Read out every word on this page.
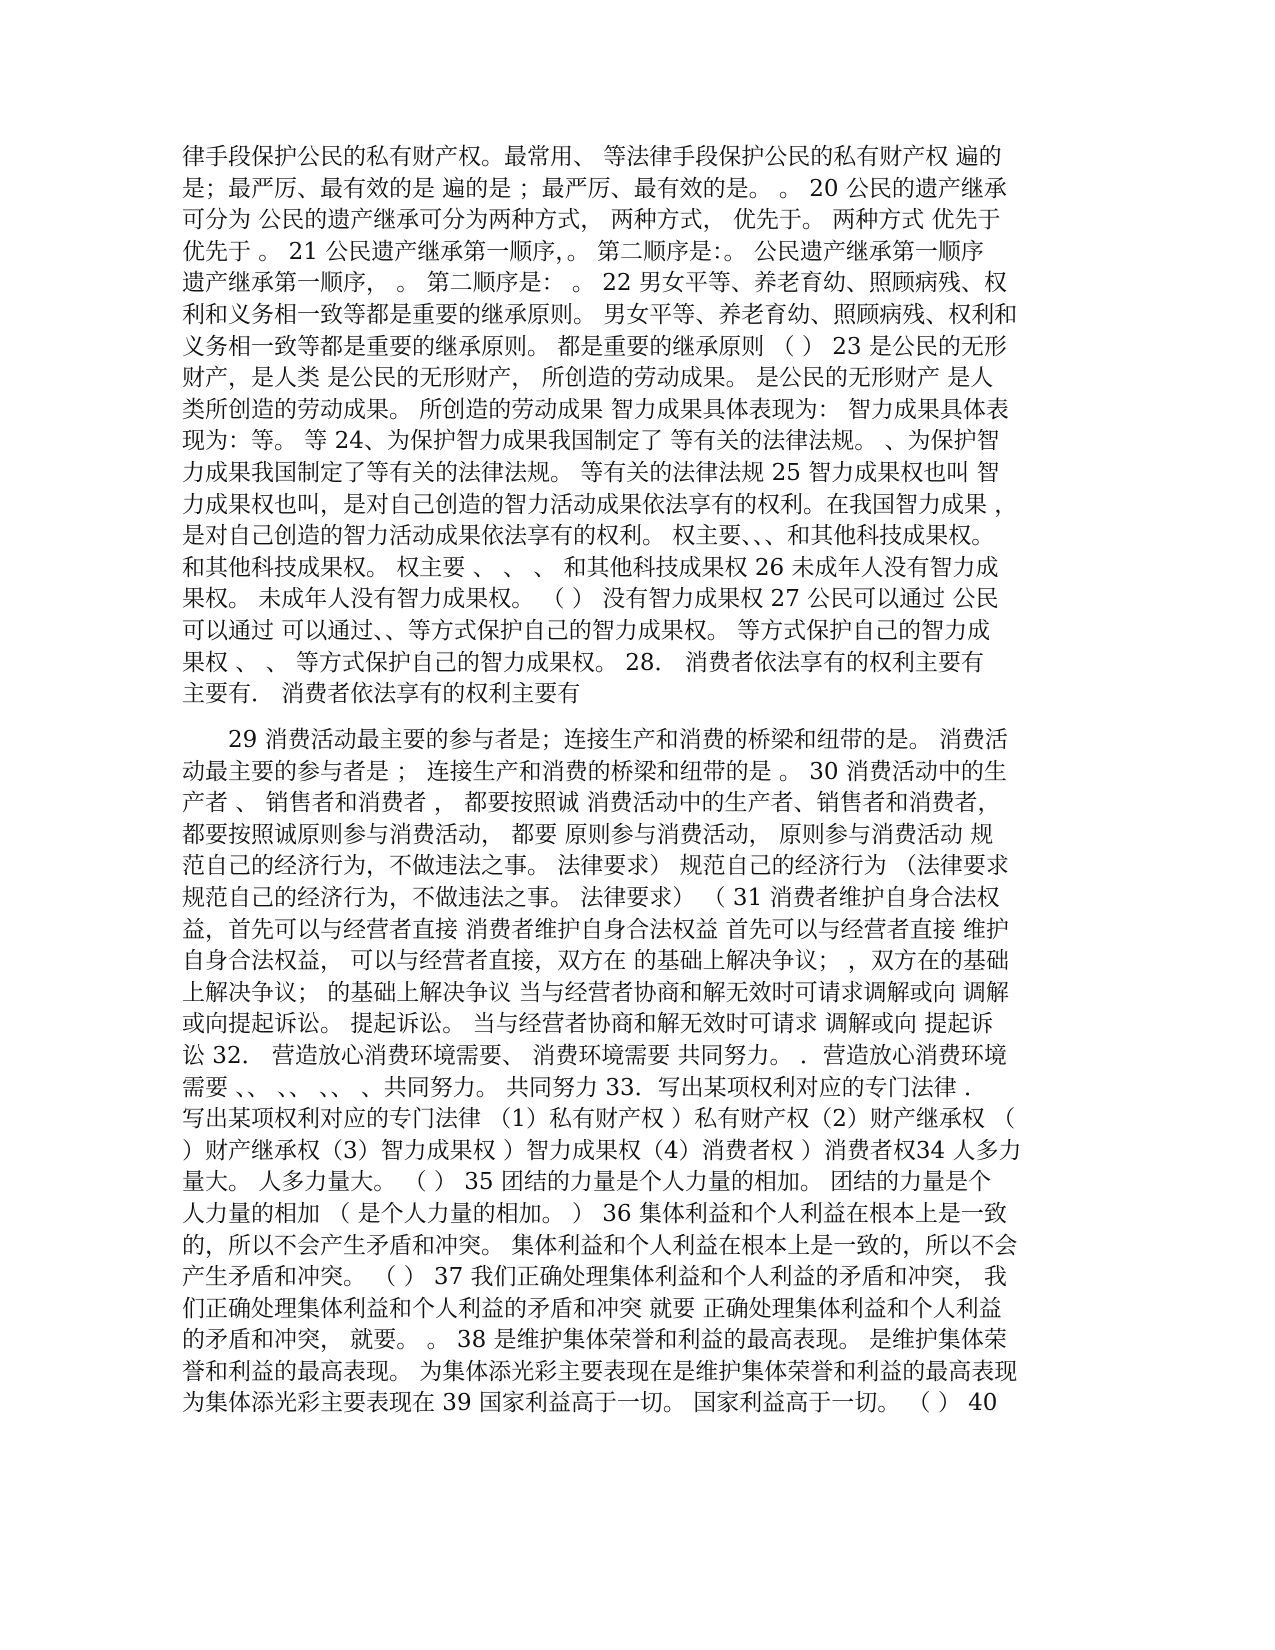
律手段保护公民的私有财产权。最常用、 等法律手段保护公民的私有财产权 遍的
是；最严厉、最有效的是 遍的是 ；最严厉、最有效的是。 。 20 公民的遗产继承
可分为 公民的遗产继承可分为两种方式， 两种方式， 优先于。 两种方式 优先于
优先于 。 21 公民遗产继承第一顺序，。 第二顺序是：。 公民遗产继承第一顺序
遗产继承第一顺序， 。 第二顺序是： 。 22 男女平等、养老育幼、照顾病残、权
利和义务相一致等都是重要的继承原则。 男女平等、养老育幼、照顾病残、权利和
义务相一致等都是重要的继承原则。 都是重要的继承原则 （ ） 23 是公民的无形
财产，是人类 是公民的无形财产， 所创造的劳动成果。 是公民的无形财产 是人
类所创造的劳动成果。 所创造的劳动成果 智力成果具体表现为： 智力成果具体表
现为：等。 等 24、为保护智力成果我国制定了 等有关的法律法规。 、为保护智
力成果我国制定了等有关的法律法规。 等有关的法律法规 25 智力成果权也叫 智
力成果权也叫，是对自己创造的智力活动成果依法享有的权利。在我国智力成果 ，
是对自己创造的智力活动成果依法享有的权利。 权主要、、、和其他科技成果权。
和其他科技成果权。 权主要 、 、 、 和其他科技成果权 26 未成年人没有智力成
果权。 未成年人没有智力成果权。 （ ） 没有智力成果权 27 公民可以通过 公民
可以通过 可以通过、、等方式保护自己的智力成果权。 等方式保护自己的智力成
果权 、 、 等方式保护自己的智力成果权。 28． 消费者依法享有的权利主要有
主要有． 消费者依法享有的权利主要有
29 消费活动最主要的参与者是；连接生产和消费的桥梁和纽带的是。 消费活
动最主要的参与者是 ； 连接生产和消费的桥梁和纽带的是 。 30 消费活动中的生
产者 、 销售者和消费者 ， 都要按照诚 消费活动中的生产者、销售者和消费者，
都要按照诚原则参与消费活动， 都要 原则参与消费活动， 原则参与消费活动 规
范自己的经济行为，不做违法之事。 法律要求） 规范自己的经济行为 （法律要求
规范自己的经济行为，不做违法之事。 法律要求） （ 31 消费者维护自身合法权
益，首先可以与经营者直接 消费者维护自身合法权益 首先可以与经营者直接 维护
自身合法权益， 可以与经营者直接，双方在 的基础上解决争议； ，双方在的基础
上解决争议； 的基础上解决争议 当与经营者协商和解无效时可请求调解或向 调解
或向提起诉讼。 提起诉讼。 当与经营者协商和解无效时可请求 调解或向 提起诉
讼 32． 营造放心消费环境需要、 消费环境需要 共同努力。 ．营造放心消费环境
需要 、、 、、 、、 、共同努力。 共同努力 33．写出某项权利对应的专门法律 ．
写出某项权利对应的专门法律 （1）私有财产权 ）私有财产权（2）财产继承权 （
）财产继承权（3）智力成果权 ）智力成果权（4）消费者权 ）消费者权34 人多力
量大。 人多力量大。 （ ） 35 团结的力量是个人力量的相加。 团结的力量是个
人力量的相加 （ 是个人力量的相加。 ） 36 集体利益和个人利益在根本上是一致
的，所以不会产生矛盾和冲突。 集体利益和个人利益在根本上是一致的，所以不会
产生矛盾和冲突。 （ ） 37 我们正确处理集体利益和个人利益的矛盾和冲突， 我
们正确处理集体利益和个人利益的矛盾和冲突 就要 正确处理集体利益和个人利益
的矛盾和冲突， 就要。 。 38 是维护集体荣誉和利益的最高表现。 是维护集体荣
誉和利益的最高表现。 为集体添光彩主要表现在是维护集体荣誉和利益的最高表现
为集体添光彩主要表现在 39 国家利益高于一切。 国家利益高于一切。 （ ） 40
